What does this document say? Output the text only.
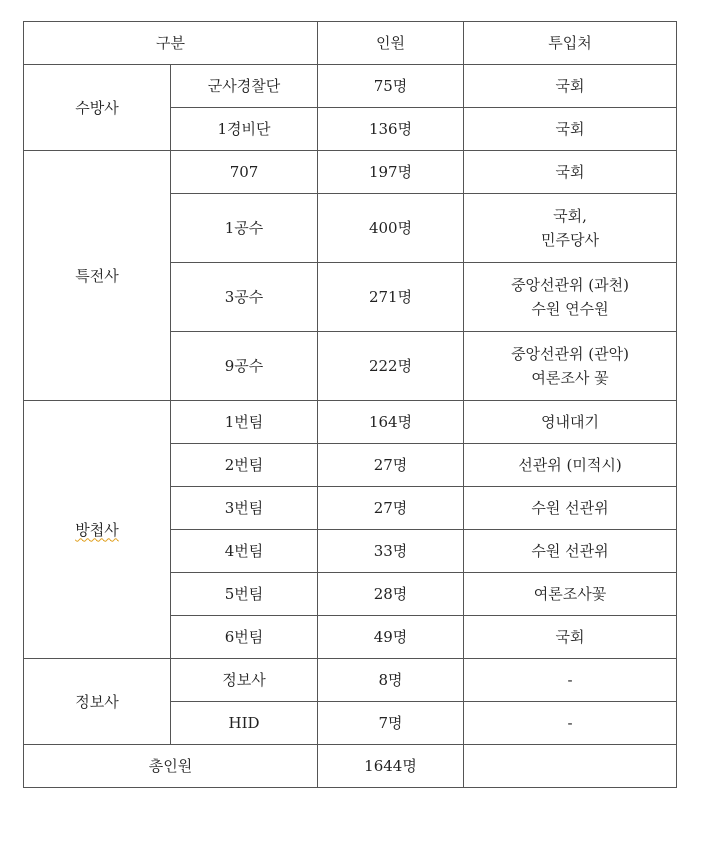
구분		인원	투입처
수방사	군사경찰단	75명	국회
	1경비단	136명	국회
특전사	707	197명	국회
	1공수	400명	국회,
민주당사

	3공수	271명	중앙선관위 (과천)
수원 연수원

	9공수	222명	중앙선관위 (관악)
여론조사 꽃

방첩사	1번팀	164명	영내대기
	2번팀	27명	선관위 (미적시)
	3번팀	27명	수원 선관위
	4번팀	33명	수원 선관위
	5번팀	28명	여론조사꽃
	6번팀	49명	국회
정보사	정보사	8명	-
	HID	7명	-
총인원		1644명	
